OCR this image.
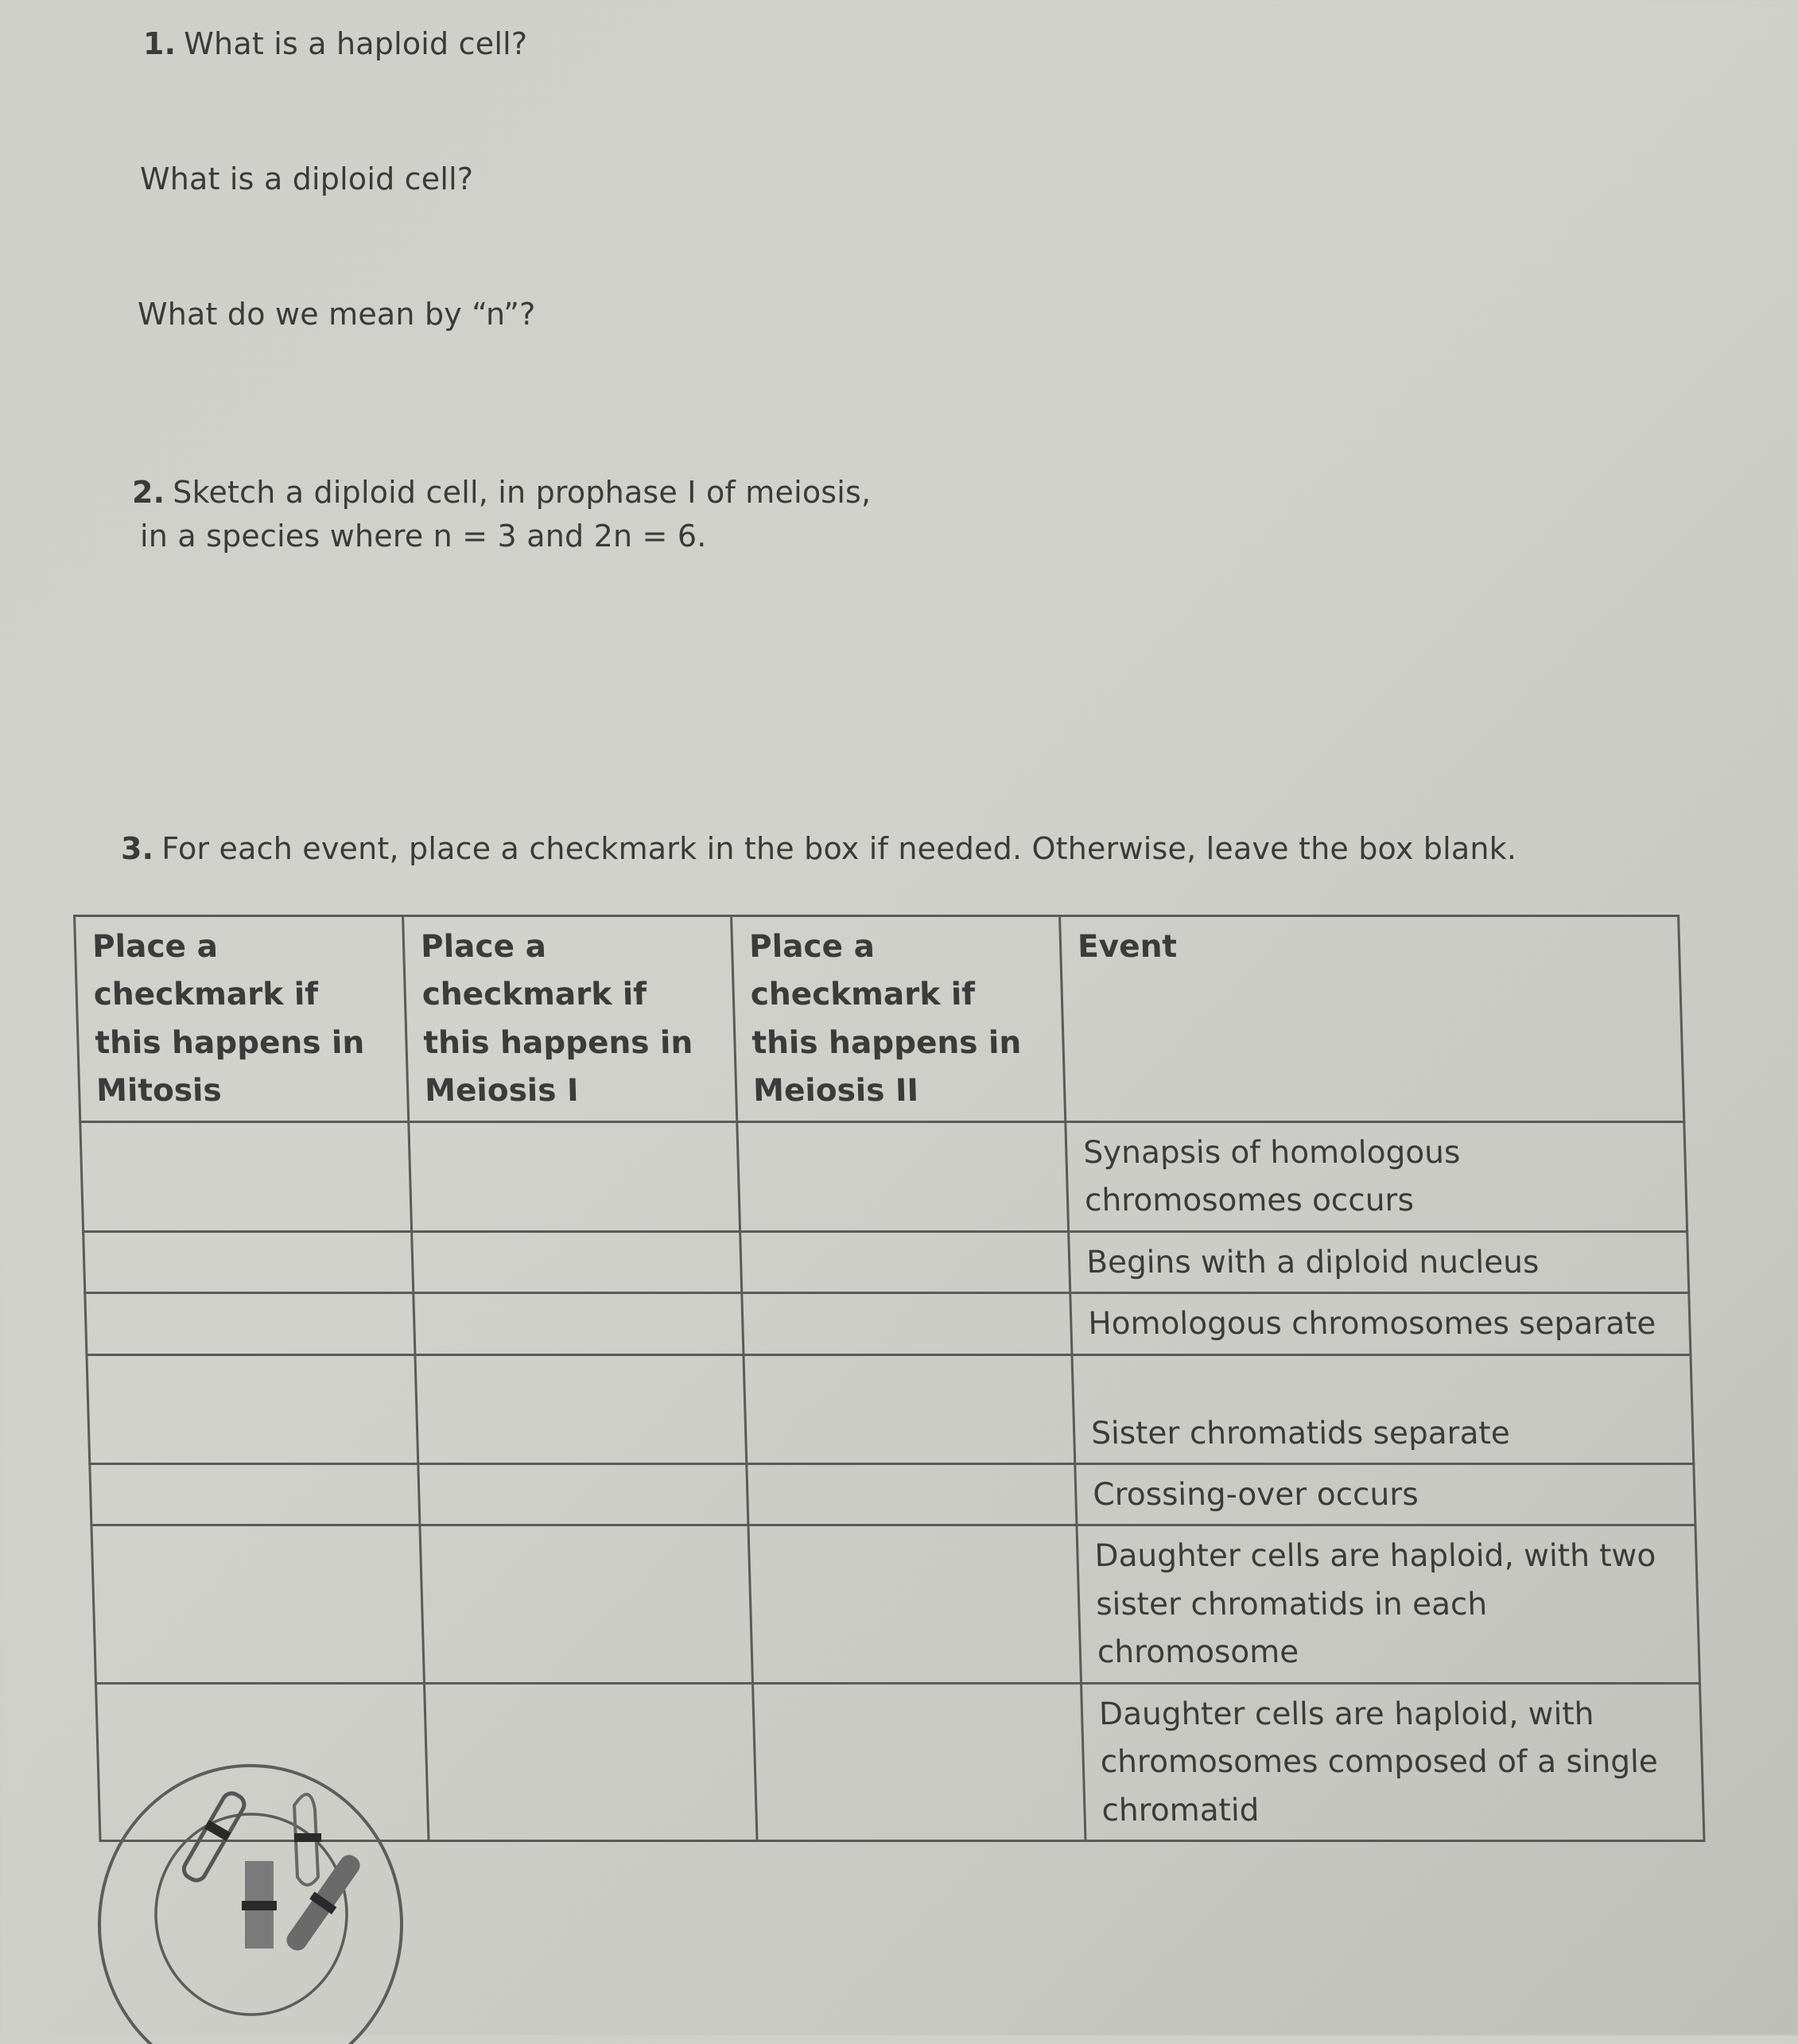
1. What is a haploid cell?
What is a diploid cell?
What do we mean by “n”?
2. Sketch a diploid cell, in prophase I of meiosis,
in a species where n = 3 and 2n = 6.
3. For each event, place a checkmark in the box if needed. Otherwise, leave the box blank.
Place a checkmark if this happens in Mitosis	Place a checkmark if this happens in Meiosis I	Place a checkmark if this happens in Meiosis II	Event
			Synapsis of homologous chromosomes occurs
			Begins with a diploid nucleus
			Homologous chromosomes separate
			Sister chromatids separate
			Crossing-over occurs
			Daughter cells are haploid, with two sister chromatids in each chromosome
			Daughter cells are haploid, with chromosomes composed of a single chromatid
